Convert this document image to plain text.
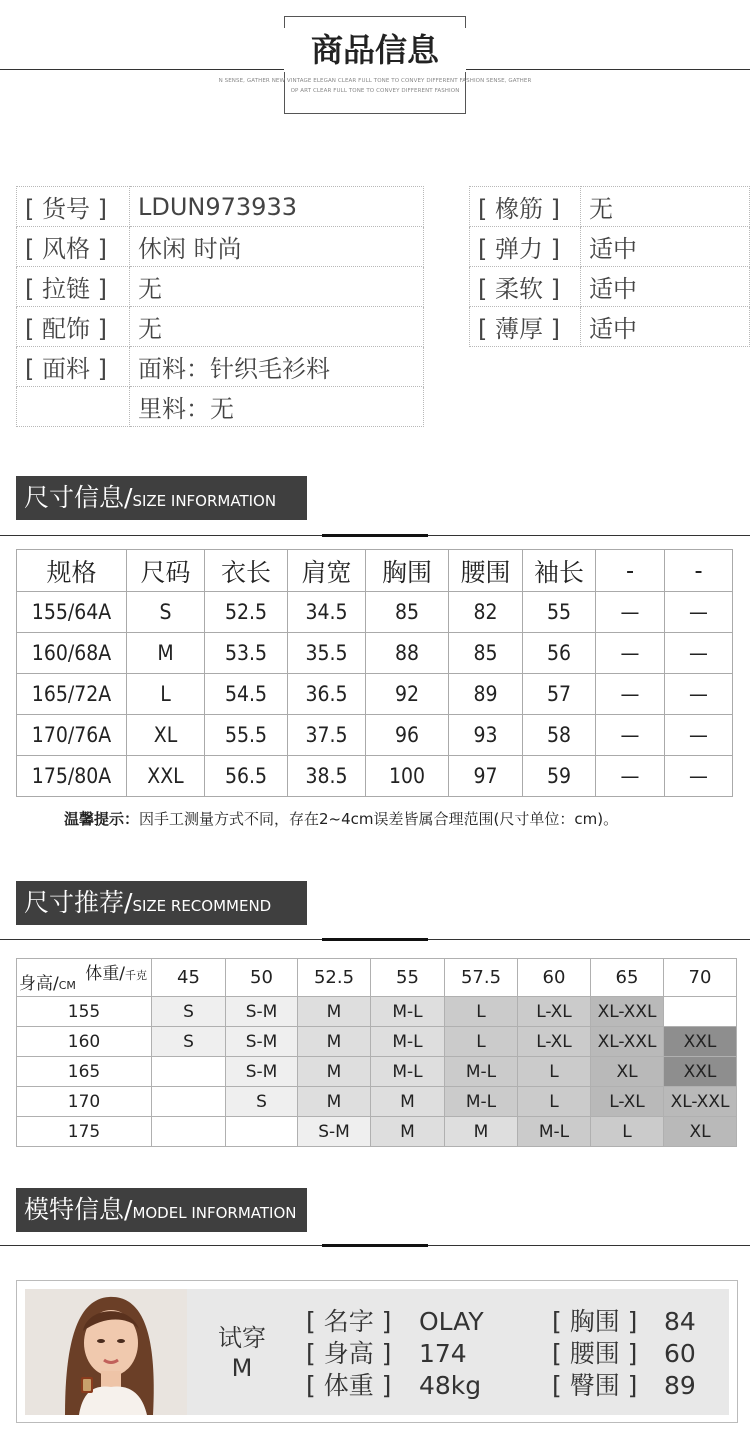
商品信息
N SENSE, GATHER NEW VINTAGE ELEGAN CLEAR FULL TONE TO CONVEY DIFFERENT FASHION SENSE, GATHER
OP ART CLEAR FULL TONE TO CONVEY DIFFERENT FASHION
[ 货号 ]	LDUN973933
[ 风格 ]	休闲 时尚
[ 拉链 ]	无
[ 配饰 ]	无
[ 面料 ]	面料：针织毛衫料
	里料：无
[ 橡筋 ]	无
[ 弹力 ]	适中
[ 柔软 ]	适中
[ 薄厚 ]	适中
尺寸信息/SIZE INFORMATION
规格	尺码	衣长	肩宽	胸围	腰围	袖长	-	-
155/64A	S	52.5	34.5	85	82	55	—	—
160/68A	M	53.5	35.5	88	85	56	—	—
165/72A	L	54.5	36.5	92	89	57	—	—
170/76A	XL	55.5	37.5	96	93	58	—	—
175/80A	XXL	56.5	38.5	100	97	59	—	—
温馨提示：因手工测量方式不同，存在2~4cm误差皆属合理范围(尺寸单位：cm)。
尺寸推荐/SIZE RECOMMEND
体重/千克
身高/CM	45	50	52.5	55	57.5	60	65	70
155	S	S-M	M	M-L	L	L-XL	XL-XXL	
160	S	S-M	M	M-L	L	L-XL	XL-XXL	XXL
165		S-M	M	M-L	M-L	L	XL	XXL
170		S	M	M	M-L	L	L-XL	XL-XXL
175			S-M	M	M	M-L	L	XL
模特信息/MODEL INFORMATION
试穿
M
[ 名字 ] OLAY
[ 身高 ] 174
[ 体重 ] 48kg
[ 胸围 ] 84
[ 腰围 ] 60
[ 臀围 ] 89
